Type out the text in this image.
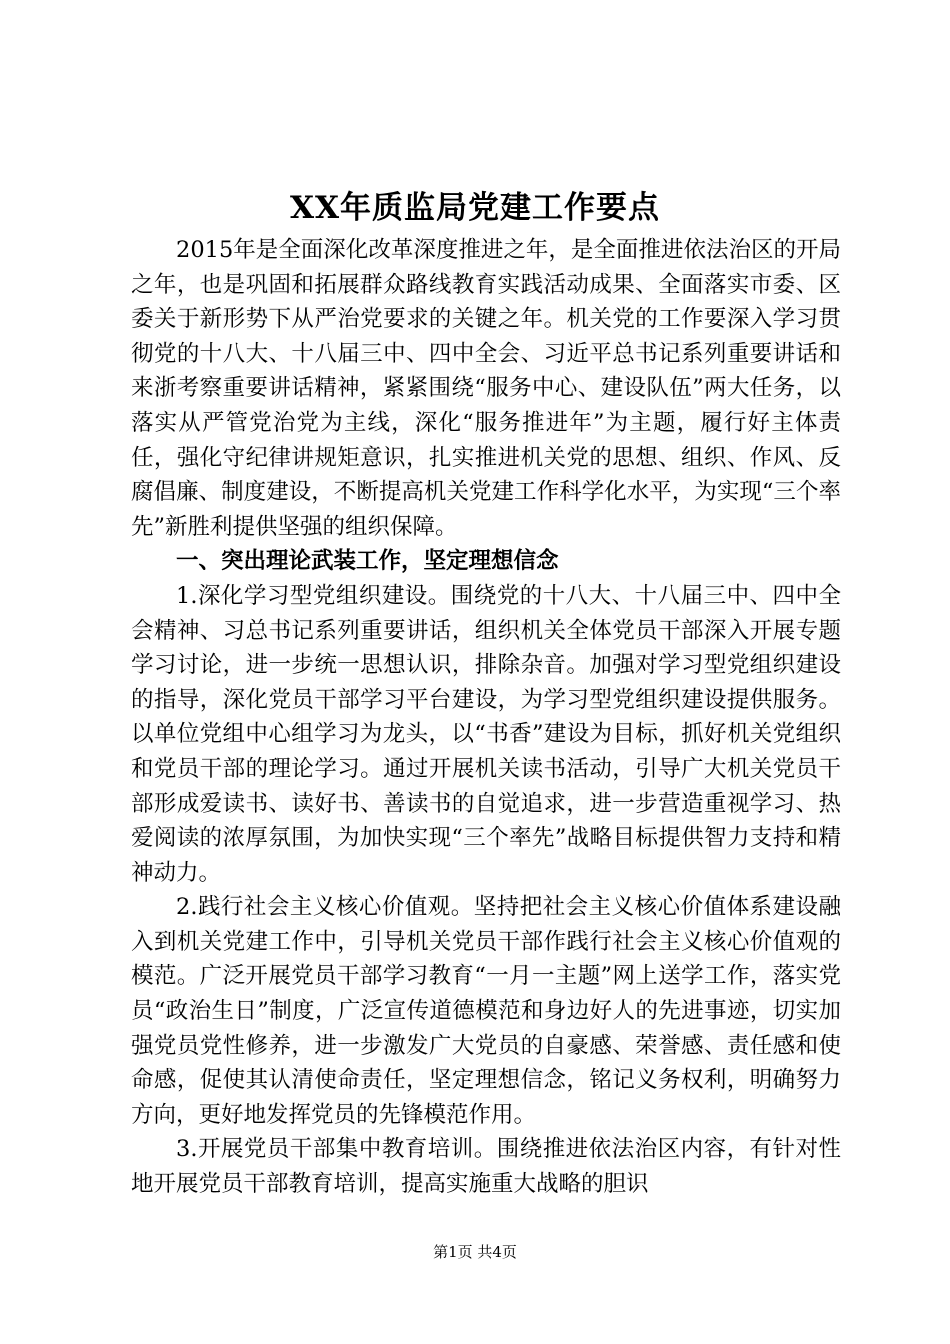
XX年质监局党建工作要点

2015年是全面深化改革深度推进之年，是全面推进依法治区的开局之年，也是巩固和拓展群众路线教育实践活动成果、全面落实市委、区委关于新形势下从严治党要求的关键之年。机关党的工作要深入学习贯彻党的十八大、十八届三中、四中全会、习近平总书记系列重要讲话和来浙考察重要讲话精神，紧紧围绕“服务中心、建设队伍”两大任务，以落实从严管党治党为主线，深化“服务推进年”为主题，履行好主体责任，强化守纪律讲规矩意识，扎实推进机关党的思想、组织、作风、反腐倡廉、制度建设，不断提高机关党建工作科学化水平，为实现“三个率先”新胜利提供坚强的组织保障。

一、突出理论武装工作，坚定理想信念

1.深化学习型党组织建设。围绕党的十八大、十八届三中、四中全会精神、习总书记系列重要讲话，组织机关全体党员干部深入开展专题学习讨论，进一步统一思想认识，排除杂音。加强对学习型党组织建设的指导，深化党员干部学习平台建设，为学习型党组织建设提供服务。以单位党组中心组学习为龙头，以“书香”建设为目标，抓好机关党组织和党员干部的理论学习。通过开展机关读书活动，引导广大机关党员干部形成爱读书、读好书、善读书的自觉追求，进一步营造重视学习、热爱阅读的浓厚氛围，为加快实现“三个率先”战略目标提供智力支持和精神动力。

2.践行社会主义核心价值观。坚持把社会主义核心价值体系建设融入到机关党建工作中，引导机关党员干部作践行社会主义核心价值观的模范。广泛开展党员干部学习教育“一月一主题”网上送学工作，落实党员“政治生日”制度，广泛宣传道德模范和身边好人的先进事迹，切实加强党员党性修养，进一步激发广大党员的自豪感、荣誉感、责任感和使命感，促使其认清使命责任，坚定理想信念，铭记义务权利，明确努力方向，更好地发挥党员的先锋模范作用。

3.开展党员干部集中教育培训。围绕推进依法治区内容，有针对性地开展党员干部教育培训，提高实施重大战略的胆识

第1页 共4页
